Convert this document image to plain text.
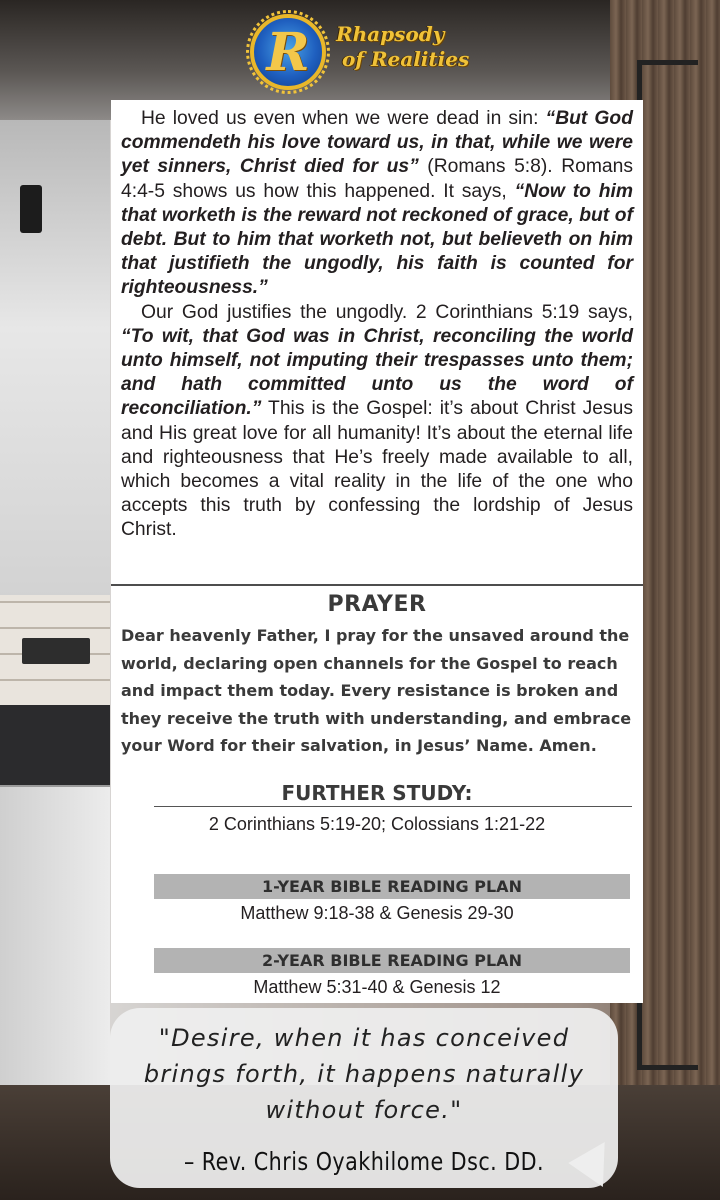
R	Rhapsody
of Realities

He loved us even when we were dead in sin: “But God commendeth his love toward us, in that, while we were yet sinners, Christ died for us” (Romans 5:8). Romans 4:4-5 shows us how this happened. It says, “Now to him that worketh is the reward not reckoned of grace, but of debt. But to him that worketh not, but believeth on him that justifieth the ungodly, his faith is counted for righteousness.”

Our God justifies the ungodly. 2 Corinthians 5:19 says, “To wit, that God was in Christ, reconciling the world unto himself, not imputing their trespasses unto them; and hath committed unto us the word of reconciliation.” This is the Gospel: it’s about Christ Jesus and His great love for all humanity! It’s about the eternal life and righteousness that He’s freely made available to all, which becomes a vital reality in the life of the one who accepts this truth by confessing the lordship of Jesus Christ.

PRAYER
Dear heavenly Father, I pray for the unsaved around the world, declaring open channels for the Gospel to reach and impact them today. Every resistance is broken and they receive the truth with understanding, and embrace your Word for their salvation, in Jesus’ Name. Amen.
FURTHER STUDY:
2 Corinthians 5:19-20; Colossians 1:21-22
1-YEAR BIBLE READING PLAN
Matthew 9:18-38 & Genesis 29-30
2-YEAR BIBLE READING PLAN
Matthew 5:31-40 & Genesis 12
"Desire, when it has conceived brings forth, it happens naturally without force."
– Rev. Chris Oyakhilome Dsc. DD.
